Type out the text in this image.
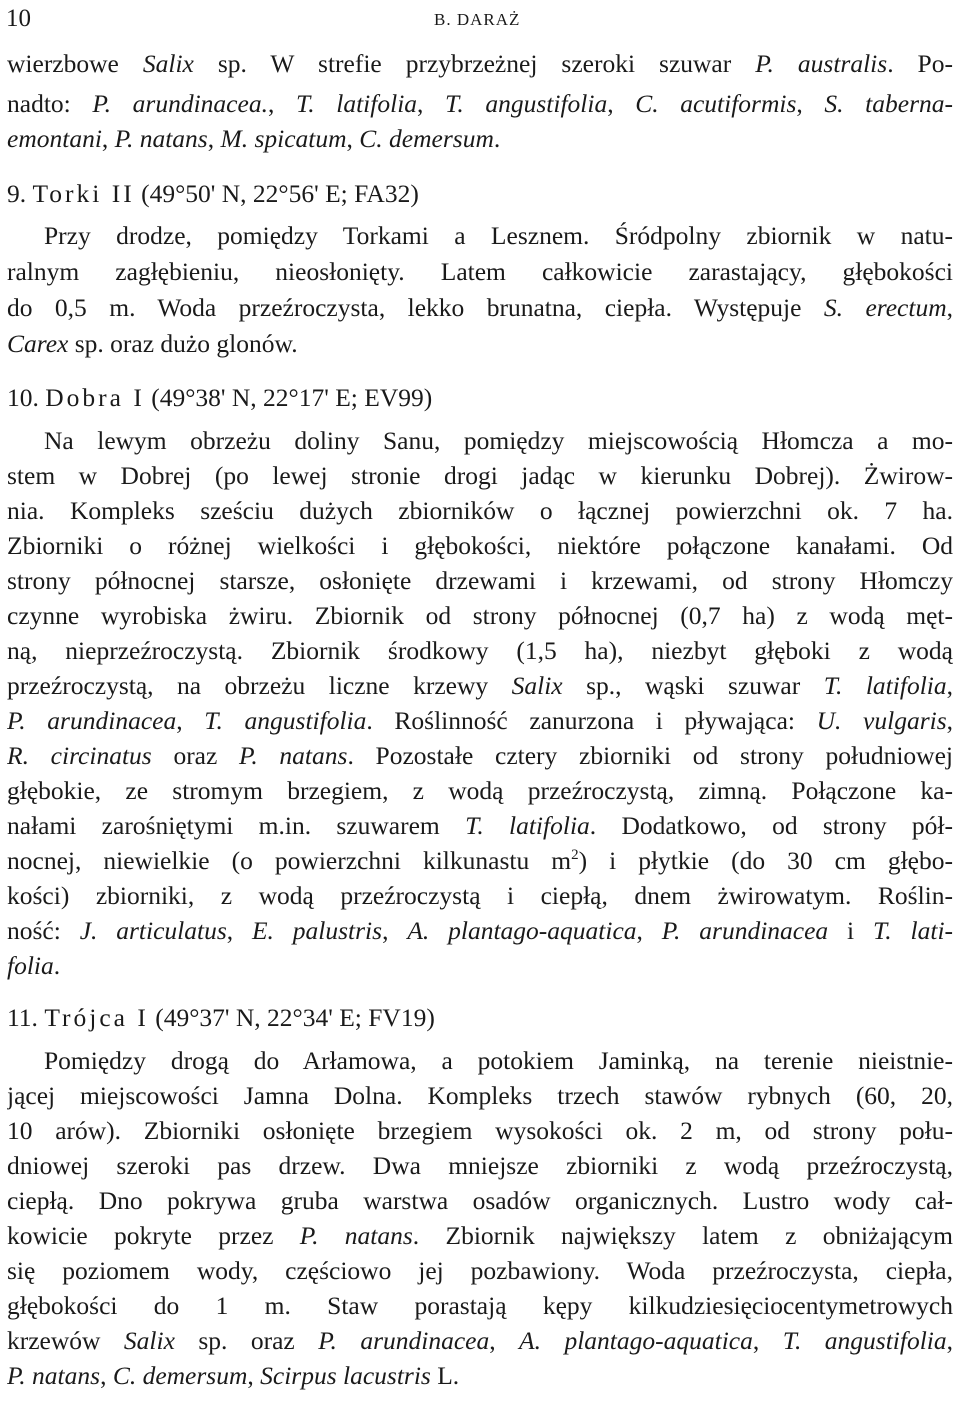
10	B. DARAŻ
wierzbowe Salix sp. W strefie przybrzeżnej szeroki szuwar P. australis. Po-
nadto: P. arundinacea., T. latifolia, T. angustifolia, C. acutiformis, S. taberna-
emontani, P. natans, M. spicatum, C. demersum.
9. Torki II (49°50' N, 22°56' E; FA32)
Przy drodze, pomiędzy Torkami a Lesznem. Śródpolny zbiornik w natu-
ralnym zagłębieniu, nieosłonięty. Latem całkowicie zarastający, głębokości
do 0,5 m. Woda przeźroczysta, lekko brunatna, ciepła. Występuje S. erectum,
Carex sp. oraz dużo glonów.
10. Dobra I (49°38' N, 22°17' E; EV99)
Na lewym obrzeżu doliny Sanu, pomiędzy miejscowością Hłomcza a mo-
stem w Dobrej (po lewej stronie drogi jadąc w kierunku Dobrej). Żwirow-
nia. Kompleks sześciu dużych zbiorników o łącznej powierzchni ok. 7 ha.
Zbiorniki o różnej wielkości i głębokości, niektóre połączone kanałami. Od
strony północnej starsze, osłonięte drzewami i krzewami, od strony Hłomczy
czynne wyrobiska żwiru. Zbiornik od strony północnej (0,7 ha) z wodą męt-
ną, nieprzeźroczystą. Zbiornik środkowy (1,5 ha), niezbyt głęboki z wodą
przeźroczystą, na obrzeżu liczne krzewy Salix sp., wąski szuwar T. latifolia,
P. arundinacea, T. angustifolia. Roślinność zanurzona i pływająca: U. vulgaris,
R. circinatus oraz P. natans. Pozostałe cztery zbiorniki od strony południowej
głębokie, ze stromym brzegiem, z wodą przeźroczystą, zimną. Połączone ka-
nałami zarośniętymi m.in. szuwarem T. latifolia. Dodatkowo, od strony pół-
nocnej, niewielkie (o powierzchni kilkunastu $m^2$) i płytkie (do 30 cm głębo-
kości) zbiorniki, z wodą przeźroczystą i ciepłą, dnem żwirowatym. Roślin-
ność: J. articulatus, E. palustris, A. plantago-aquatica, P. arundinacea i T. lati-
folia.
11. Trójca I (49°37' N, 22°34' E; FV19)
Pomiędzy drogą do Arłamowa, a potokiem Jaminką, na terenie nieistnie-
jącej miejscowości Jamna Dolna. Kompleks trzech stawów rybnych (60, 20,
10 arów). Zbiorniki osłonięte brzegiem wysokości ok. 2 m, od strony połu-
dniowej szeroki pas drzew. Dwa mniejsze zbiorniki z wodą przeźroczystą,
ciepłą. Dno pokrywa gruba warstwa osadów organicznych. Lustro wody cał-
kowicie pokryte przez P. natans. Zbiornik największy latem z obniżającym
się poziomem wody, częściowo jej pozbawiony. Woda przeźroczysta, ciepła,
głębokości do 1 m. Staw porastają kępy kilkudziesięciocentymetrowych
krzewów Salix sp. oraz P. arundinacea, A. plantago-aquatica, T. angustifolia,
P. natans, C. demersum, Scirpus lacustris L.
